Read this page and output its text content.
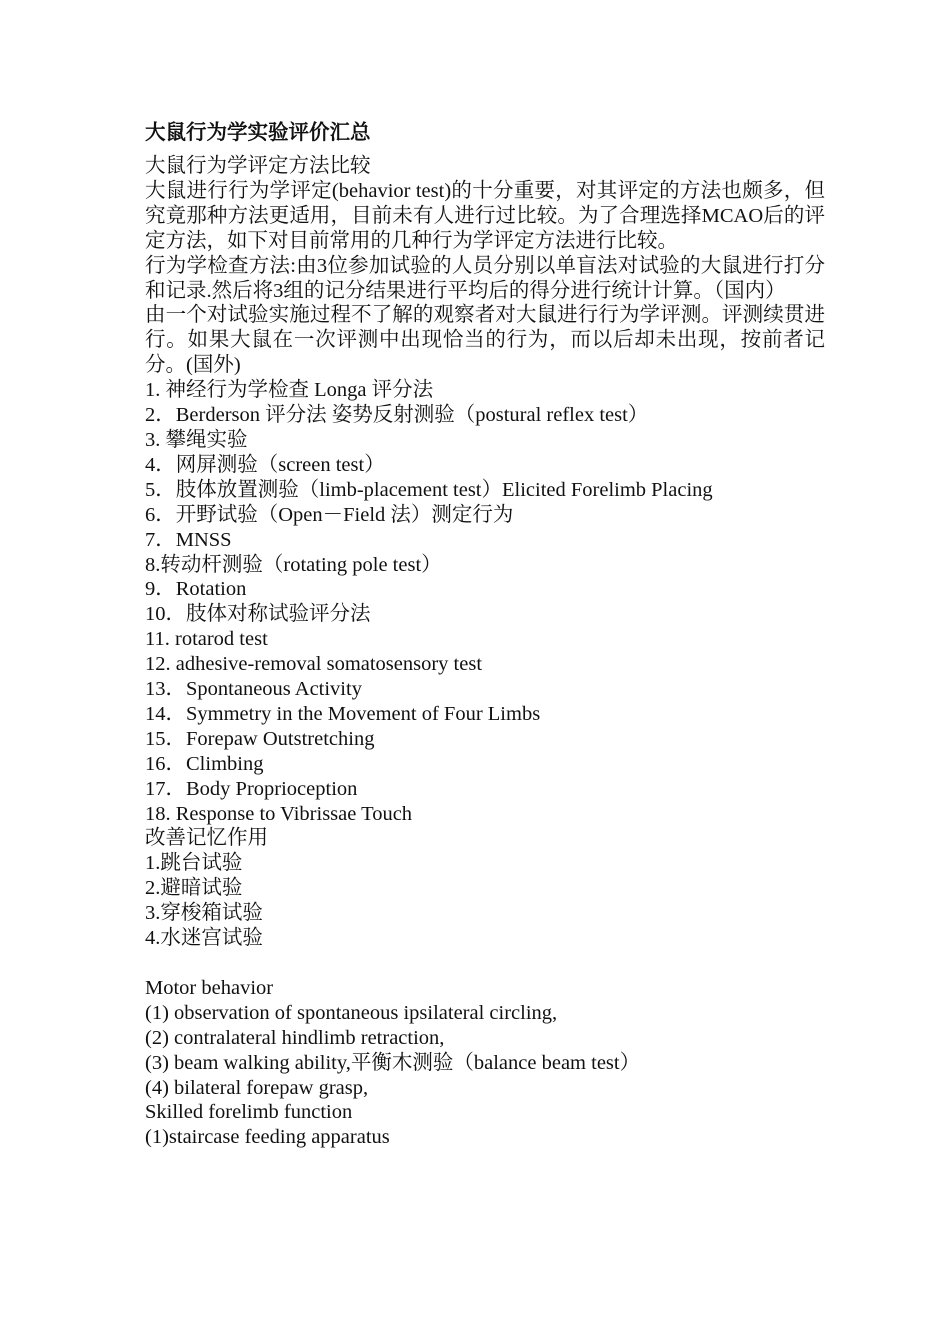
大鼠行为学实验评价汇总
大鼠行为学评定方法比较

大鼠进行行为学评定(behavior test)的十分重要，对其评定的方法也颇多，但究竟那种方法更适用，目前未有人进行过比较。为了合理选择MCAO后的评定方法，如下对目前常用的几种行为学评定方法进行比较。

行为学检查方法:由3位参加试验的人员分别以单盲法对试验的大鼠进行打分和记录.然后将3组的记分结果进行平均后的得分进行统计计算。（国内）

由一个对试验实施过程不了解的观察者对大鼠进行行为学评测。评测续贯进行。如果大鼠在一次评测中出现恰当的行为，而以后却未出现，按前者记分。(国外)

1. 神经行为学检查 Longa 评分法
2．Berderson 评分法 姿势反射测验（postural reflex test）
3. 攀绳实验
4．网屏测验（screen test）
5．肢体放置测验（limb-placement test）Elicited Forelimb Placing
6．开野试验（Open－Field 法）测定行为
7．MNSS
8.转动杆测验（rotating pole test）
9．Rotation
10．肢体对称试验评分法
11. rotarod test
12. adhesive-removal somatosensory test
13．Spontaneous Activity
14．Symmetry in the Movement of Four Limbs
15．Forepaw Outstretching
16．Climbing
17．Body Proprioception
18. Response to Vibrissae Touch
改善记忆作用
1.跳台试验
2.避暗试验
3.穿梭箱试验
4.水迷宫试验
Motor behavior
(1) observation of spontaneous ipsilateral circling,
(2) contralateral hindlimb retraction,
(3) beam walking ability,平衡木测验（balance beam test）
(4) bilateral forepaw grasp,
Skilled forelimb function
(1)staircase feeding apparatus
